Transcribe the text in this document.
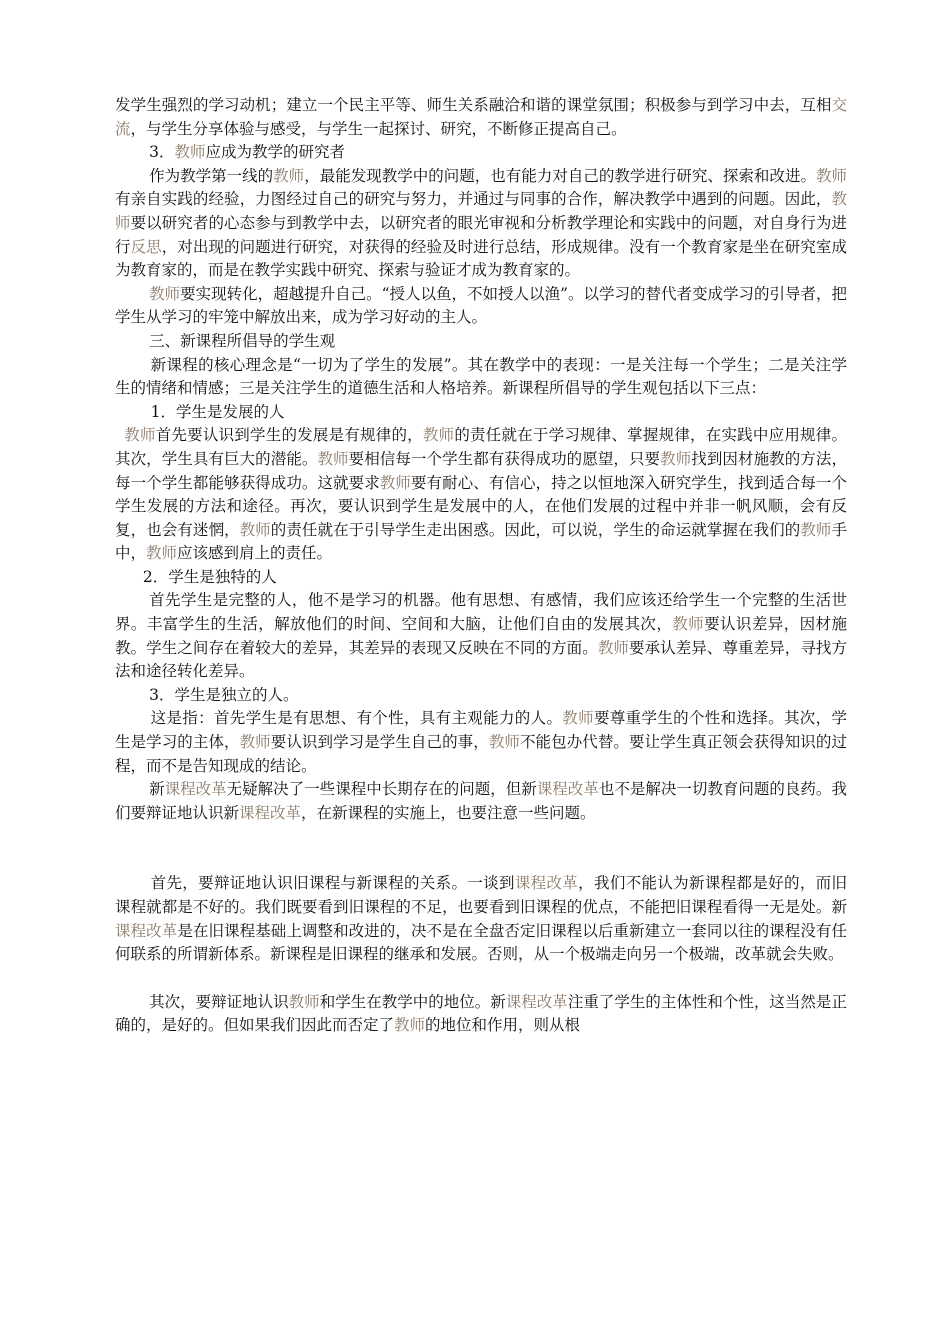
发学生强烈的学习动机；建立一个民主平等、师生关系融洽和谐的课堂氛围；积极参与到学习中去，互相交流，与学生分享体验与感受，与学生一起探讨、研究，不断修正提高自己。

3．教师应成为教学的研究者

作为教学第一线的教师，最能发现教学中的问题，也有能力对自己的教学进行研究、探索和改进。教师有亲自实践的经验，力图经过自己的研究与努力，并通过与同事的合作，解决教学中遇到的问题。因此，教师要以研究者的心态参与到教学中去，以研究者的眼光审视和分析教学理论和实践中的问题，对自身行为进行反思，对出现的问题进行研究，对获得的经验及时进行总结，形成规律。没有一个教育家是坐在研究室成为教育家的，而是在教学实践中研究、探索与验证才成为教育家的。

教师要实现转化，超越提升自己。“授人以鱼，不如授人以渔”。以学习的替代者变成学习的引导者，把学生从学习的牢笼中解放出来，成为学习好动的主人。

三、新课程所倡导的学生观

新课程的核心理念是“一切为了学生的发展”。其在教学中的表现：一是关注每一个学生；二是关注学生的情绪和情感；三是关注学生的道德生活和人格培养。新课程所倡导的学生观包括以下三点：

1．学生是发展的人

教师首先要认识到学生的发展是有规律的，教师的责任就在于学习规律、掌握规律，在实践中应用规律。其次，学生具有巨大的潜能。教师要相信每一个学生都有获得成功的愿望，只要教师找到因材施教的方法，每一个学生都能够获得成功。这就要求教师要有耐心、有信心，持之以恒地深入研究学生，找到适合每一个学生发展的方法和途径。再次，要认识到学生是发展中的人，在他们发展的过程中并非一帆风顺，会有反复，也会有迷惘，教师的责任就在于引导学生走出困惑。因此，可以说，学生的命运就掌握在我们的教师手中，教师应该感到肩上的责任。

2．学生是独特的人

首先学生是完整的人，他不是学习的机器。他有思想、有感情，我们应该还给学生一个完整的生活世界。丰富学生的生活，解放他们的时间、空间和大脑，让他们自由的发展其次，教师要认识差异，因材施教。学生之间存在着较大的差异，其差异的表现又反映在不同的方面。教师要承认差异、尊重差异，寻找方法和途径转化差异。

3．学生是独立的人。

这是指：首先学生是有思想、有个性，具有主观能力的人。教师要尊重学生的个性和选择。其次，学生是学习的主体，教师要认识到学习是学生自己的事，教师不能包办代替。要让学生真正领会获得知识的过程，而不是告知现成的结论。

新课程改革无疑解决了一些课程中长期存在的问题，但新课程改革也不是解决一切教育问题的良药。我们要辩证地认识新课程改革，在新课程的实施上，也要注意一些问题。

首先，要辩证地认识旧课程与新课程的关系。一谈到课程改革，我们不能认为新课程都是好的，而旧课程就都是不好的。我们既要看到旧课程的不足，也要看到旧课程的优点，不能把旧课程看得一无是处。新课程改革是在旧课程基础上调整和改进的，决不是在全盘否定旧课程以后重新建立一套同以往的课程没有任何联系的所谓新体系。新课程是旧课程的继承和发展。否则，从一个极端走向另一个极端，改革就会失败。

其次，要辩证地认识教师和学生在教学中的地位。新课程改革注重了学生的主体性和个性，这当然是正确的，是好的。但如果我们因此而否定了教师的地位和作用，则从根
